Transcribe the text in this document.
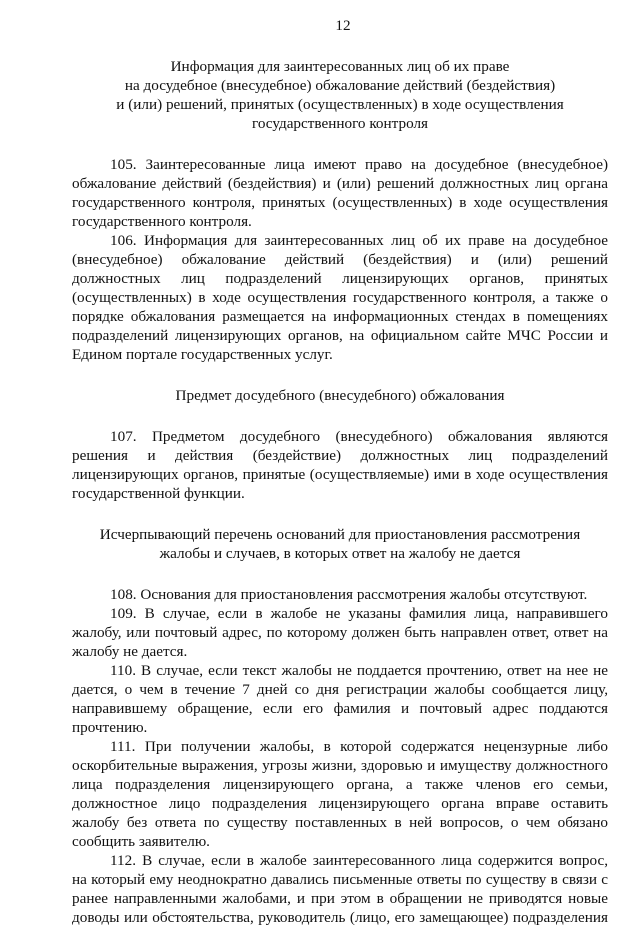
12
Информация для заинтересованных лиц об их праве
на досудебное (внесудебное) обжалование действий (бездействия)
и (или) решений, принятых (осуществленных) в ходе осуществления
государственного контроля
105. Заинтересованные лица имеют право на досудебное (внесудебное)
обжалование действий (бездействия) и (или) решений должностных лиц органа
государственного контроля, принятых (осуществленных) в ходе осуществления
государственного контроля.
106. Информация для заинтересованных лиц об их праве на досудебное
(внесудебное) обжалование действий (бездействия) и (или) решений
должностных лиц подразделений лицензирующих органов, принятых
(осуществленных) в ходе осуществления государственного контроля, а также о
порядке обжалования размещается на информационных стендах в помещениях
подразделений лицензирующих органов, на официальном сайте МЧС России и
Едином портале государственных услуг.
Предмет досудебного (внесудебного) обжалования
107. Предметом досудебного (внесудебного) обжалования являются
решения и действия (бездействие) должностных лиц подразделений
лицензирующих органов, принятые (осуществляемые) ими в ходе осуществления
государственной функции.
Исчерпывающий перечень оснований для приостановления рассмотрения
жалобы и случаев, в которых ответ на жалобу не дается
108. Основания для приостановления рассмотрения жалобы отсутствуют.
109. В случае, если в жалобе не указаны фамилия лица, направившего
жалобу, или почтовый адрес, по которому должен быть направлен ответ, ответ на
жалобу не дается.
110. В случае, если текст жалобы не поддается прочтению, ответ на нее не
дается, о чем в течение 7 дней со дня регистрации жалобы сообщается лицу,
направившему обращение, если его фамилия и почтовый адрес поддаются
прочтению.
111. При получении жалобы, в которой содержатся нецензурные либо
оскорбительные выражения, угрозы жизни, здоровью и имуществу должностного
лица подразделения лицензирующего органа, а также членов его семьи,
должностное лицо подразделения лицензирующего органа вправе оставить
жалобу без ответа по существу поставленных в ней вопросов, о чем обязано
сообщить заявителю.
112. В случае, если в жалобе заинтересованного лица содержится вопрос,
на который ему неоднократно давались письменные ответы по существу в связи с
ранее направленными жалобами, и при этом в обращении не приводятся новые
доводы или обстоятельства, руководитель (лицо, его замещающее) подразделения
